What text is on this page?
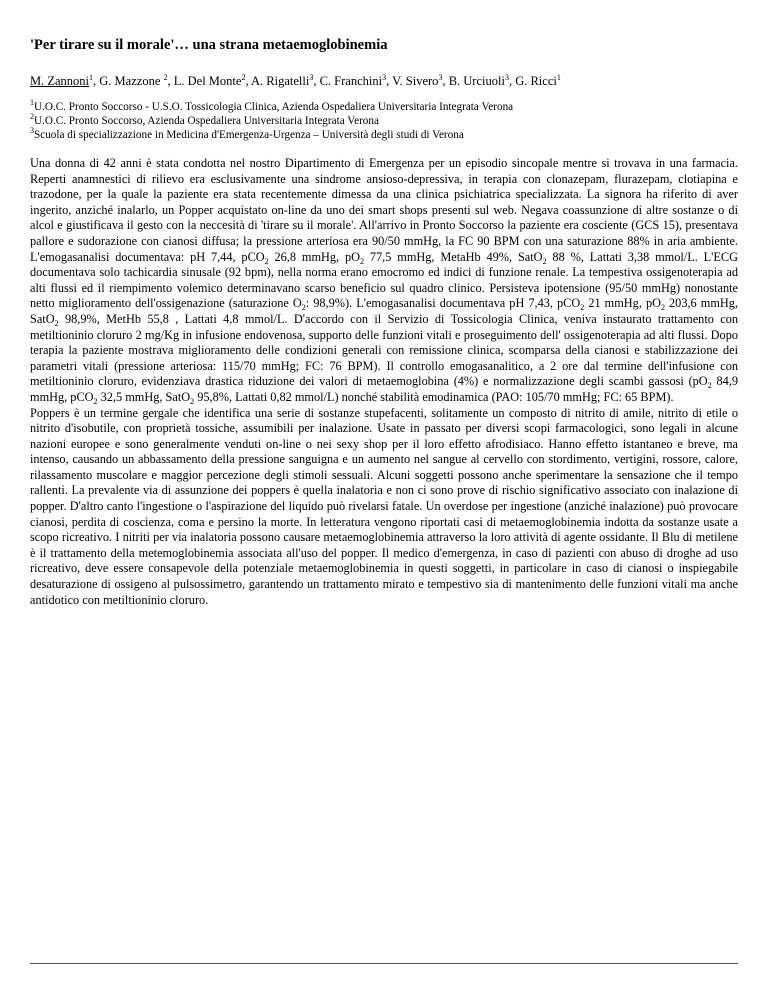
'Per tirare su il morale'… una strana metaemoglobinemia
M. Zannoni$^1$, G. Mazzone $^2$, L. Del Monte$^2$, A. Rigatelli$^3$, C. Franchini$^3$, V. Sivero$^3$, B. Urciuoli$^3$, G. Ricci$^1$
$^1$U.O.C. Pronto Soccorso - U.S.O. Tossicologia Clinica, Azienda Ospedaliera Universitaria Integrata Verona
$^2$U.O.C. Pronto Soccorso, Azienda Ospedaliera Universitaria Integrata Verona
$^3$Scuola di specializzazione in Medicina d'Emergenza-Urgenza – Università degli studi di Verona

Una donna di 42 anni è stata condotta nel nostro Dipartimento di Emergenza per un episodio sincopale mentre si trovava in una farmacia. Reperti anamnestici di rilievo era esclusivamente una sindrome ansioso-depressiva, in terapia con clonazepam, flurazepam, clotiapina e trazodone, per la quale la paziente era stata recentemente dimessa da una clinica psichiatrica specializzata. La signora ha riferito di aver ingerito, anziché inalarlo, un Popper acquistato on-line da uno dei smart shops presenti sul web. Negava coassunzione di altre sostanze o di alcol e giustificava il gesto con la neccesità di 'tirare su il morale'. All'arrivo in Pronto Soccorso la paziente era cosciente (GCS 15), presentava pallore e sudorazione con cianosi diffusa; la pressione arteriosa era 90/50 mmHg, la FC 90 BPM con una saturazione 88% in aria ambiente. L'emogasanalisi documentava: pH 7,44, pCO$_2$ 26,8 mmHg, $pO_2$ 77,5 mmHg, MetaHb 49%, SatO$_2$ 88 %, Lattati 3,38 mmol/L. L'ECG documentava solo tachicardia sinusale (92 bpm), nella norma erano emocromo ed indici di funzione renale. La tempestiva ossigenoterapia ad alti flussi ed il riempimento volemico determinavano scarso beneficio sul quadro clinico. Persisteva ipotensione (95/50 mmHg) nonostante netto miglioramento dell'ossigenazione (saturazione $O_2$: 98,9%). L'emogasanalisi documentava pH 7,43, pCO$_2$ 21 mmHg, $pO_2$ 203,6 mmHg, SatO$_2$ 98,9%, MetHb 55,8 , Lattati 4,8 mmol/L. D'accordo con il Servizio di Tossicologia Clinica, veniva instaurato trattamento con metiltioninio cloruro 2 mg/Kg in infusione endovenosa, supporto delle funzioni vitali e proseguimento dell' ossigenoterapia ad alti flussi. Dopo terapia la paziente mostrava miglioramento delle condizioni generali con remissione clinica, scomparsa della cianosi e stabilizzazione dei parametri vitali (pressione arteriosa: 115/70 mmHg; FC: 76 BPM). Il controllo emogasanalitico, a 2 ore dal termine dell'infusione con metiltioninio cloruro, evidenziava drastica riduzione dei valori di metaemoglobina (4%) e normalizzazione degli scambi gassosi ($pO_2$ 84,9 mmHg, pCO$_2$ 32,5 mmHg, SatO$_2$ 95,8%, Lattati 0,82 mmol/L) nonché stabilità emodinamica (PAO: 105/70 mmHg; FC: 65 BPM).

Poppers è un termine gergale che identifica una serie di sostanze stupefacenti, solitamente un composto di nitrito di amile, nitrito di etile o nitrito d'isobutile, con proprietà tossiche, assumibili per inalazione. Usate in passato per diversi scopi farmacologici, sono legali in alcune nazioni europee e sono generalmente venduti on-line o nei sexy shop per il loro effetto afrodisiaco. Hanno effetto istantaneo e breve, ma intenso, causando un abbassamento della pressione sanguigna e un aumento nel sangue al cervello con stordimento, vertigini, rossore, calore, rilassamento muscolare e maggior percezione degli stimoli sessuali. Alcuni soggetti possono anche sperimentare la sensazione che il tempo rallenti. La prevalente via di assunzione dei poppers è quella inalatoria e non ci sono prove di rischio significativo associato con inalazione di popper. D'altro canto l'ingestione o l'aspirazione del liquido può rivelarsi fatale. Un overdose per ingestione (anziché inalazione) può provocare cianosi, perdita di coscienza, coma e persino la morte. In letteratura vengono riportati casi di metaemoglobinemia indotta da sostanze usate a scopo ricreativo. I nitriti per via inalatoria possono causare metaemoglobinemia attraverso la loro attività di agente ossidante. Il Blu di metilene è il trattamento della metemoglobinemia associata all'uso del popper. Il medico d'emergenza, in caso di pazienti con abuso di droghe ad uso ricreativo, deve essere consapevole della potenziale metaemoglobinemia in questi soggetti, in particolare in caso di cianosi o inspiegabile desaturazione di ossigeno al pulsossimetro, garantendo un trattamento mirato e tempestivo sia di mantenimento delle funzioni vitali ma anche antidotico con metiltioninio cloruro.
